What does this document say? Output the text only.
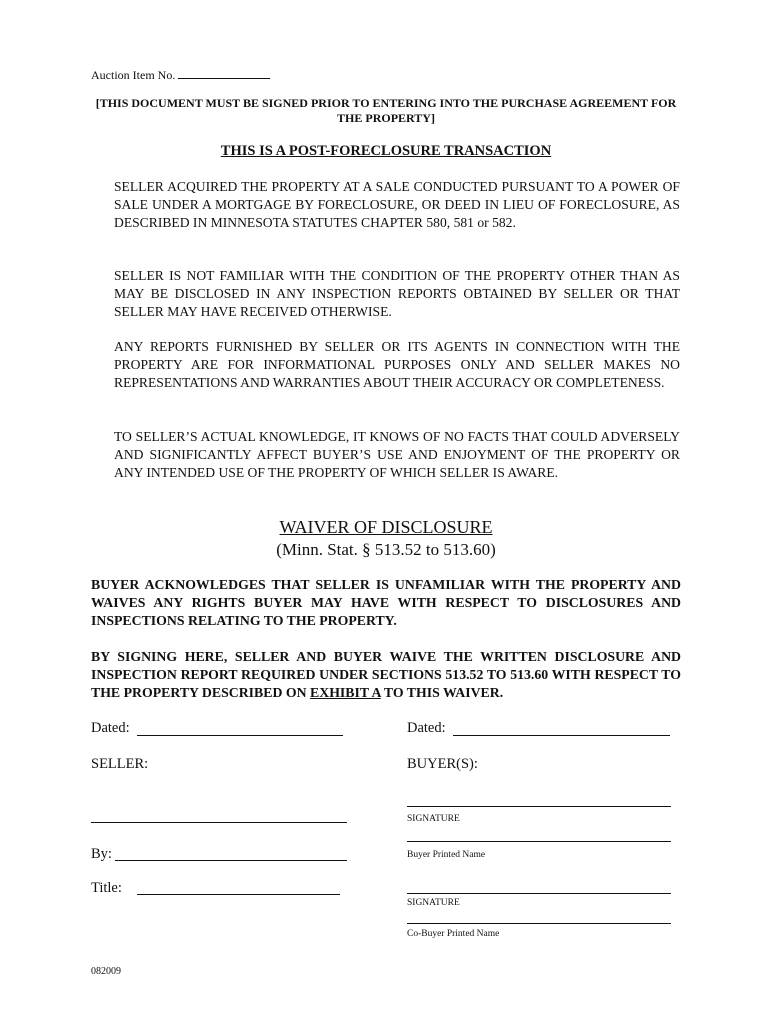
Auction Item No.
[THIS DOCUMENT MUST BE SIGNED PRIOR TO ENTERING INTO THE PURCHASE AGREEMENT FOR THE PROPERTY]
THIS IS A POST-FORECLOSURE TRANSACTION
SELLER ACQUIRED THE PROPERTY AT A SALE CONDUCTED PURSUANT TO A POWER OF SALE UNDER A MORTGAGE BY FORECLOSURE, OR DEED IN LIEU OF FORECLOSURE, AS DESCRIBED IN MINNESOTA STATUTES CHAPTER 580, 581 or 582.
SELLER IS NOT FAMILIAR WITH THE CONDITION OF THE PROPERTY OTHER THAN AS MAY BE DISCLOSED IN ANY INSPECTION REPORTS OBTAINED BY SELLER OR THAT SELLER MAY HAVE RECEIVED OTHERWISE.
ANY REPORTS FURNISHED BY SELLER OR ITS AGENTS IN CONNECTION WITH THE PROPERTY ARE FOR INFORMATIONAL PURPOSES ONLY AND SELLER MAKES NO REPRESENTATIONS AND WARRANTIES ABOUT THEIR ACCURACY OR COMPLETENESS.
TO SELLER’S ACTUAL KNOWLEDGE, IT KNOWS OF NO FACTS THAT COULD ADVERSELY AND SIGNIFICANTLY AFFECT BUYER’S USE AND ENJOYMENT OF THE PROPERTY OR ANY INTENDED USE OF THE PROPERTY OF WHICH SELLER IS AWARE.
WAIVER OF DISCLOSURE
(Minn. Stat. § 513.52 to 513.60)
BUYER ACKNOWLEDGES THAT SELLER IS UNFAMILIAR WITH THE PROPERTY AND WAIVES ANY RIGHTS BUYER MAY HAVE WITH RESPECT TO DISCLOSURES AND INSPECTIONS RELATING TO THE PROPERTY.
BY SIGNING HERE, SELLER AND BUYER WAIVE THE WRITTEN DISCLOSURE AND INSPECTION REPORT REQUIRED UNDER SECTIONS 513.52 TO 513.60 WITH RESPECT TO THE PROPERTY DESCRIBED ON EXHIBIT A TO THIS WAIVER.
Dated:
SELLER:
By:
Title:
Dated:
BUYER(S):
SIGNATURE
Buyer Printed Name
SIGNATURE
Co-Buyer Printed Name
082009
